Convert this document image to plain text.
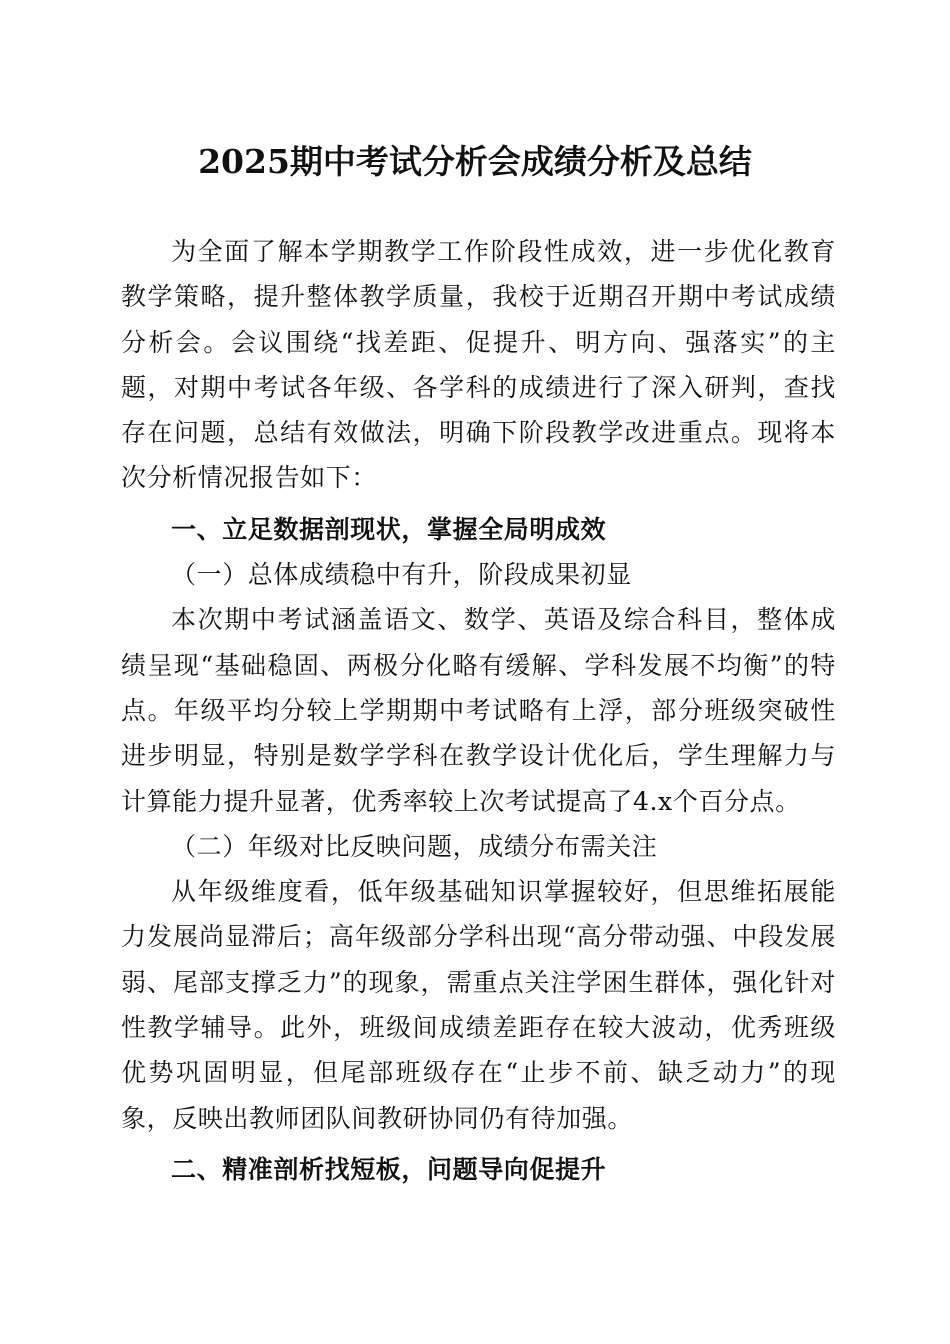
2025期中考试分析会成绩分析及总结

为全面了解本学期教学工作阶段性成效，进一步优化教育教学策略，提升整体教学质量，我校于近期召开期中考试成绩分析会。会议围绕“找差距、促提升、明方向、强落实”的主题，对期中考试各年级、各学科的成绩进行了深入研判，查找存在问题，总结有效做法，明确下阶段教学改进重点。现将本次分析情况报告如下：

一、立足数据剖现状，掌握全局明成效

（一）总体成绩稳中有升，阶段成果初显

本次期中考试涵盖语文、数学、英语及综合科目，整体成绩呈现“基础稳固、两极分化略有缓解、学科发展不均衡”的特点。年级平均分较上学期期中考试略有上浮，部分班级突破性进步明显，特别是数学学科在教学设计优化后，学生理解力与计算能力提升显著，优秀率较上次考试提高了4.x个百分点。

（二）年级对比反映问题，成绩分布需关注

从年级维度看，低年级基础知识掌握较好，但思维拓展能力发展尚显滞后；高年级部分学科出现“高分带动强、中段发展弱、尾部支撑乏力”的现象，需重点关注学困生群体，强化针对性教学辅导。此外，班级间成绩差距存在较大波动，优秀班级优势巩固明显，但尾部班级存在“止步不前、缺乏动力”的现象，反映出教师团队间教研协同仍有待加强。

二、精准剖析找短板，问题导向促提升
